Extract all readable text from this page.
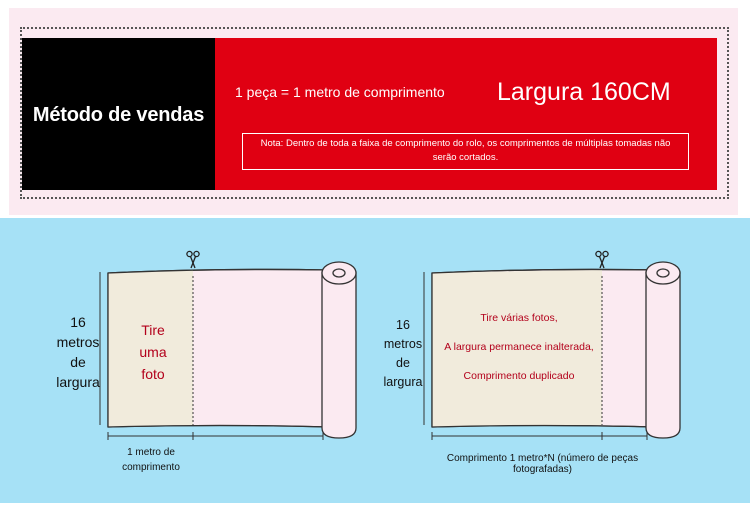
Método de vendas
1 peça = 1 metro de comprimento Largura 160CM
Nota: Dentro de toda a faixa de comprimento do rolo, os comprimentos de múltiplas tomadas não serão cortados.
16 metros de largura
Tire uma foto
1 metro de comprimento
16 metros de largura
Tire várias fotos,
A largura permanece inalterada,
Comprimento duplicado
Comprimento 1 metro*N (número de peças fotografadas)
